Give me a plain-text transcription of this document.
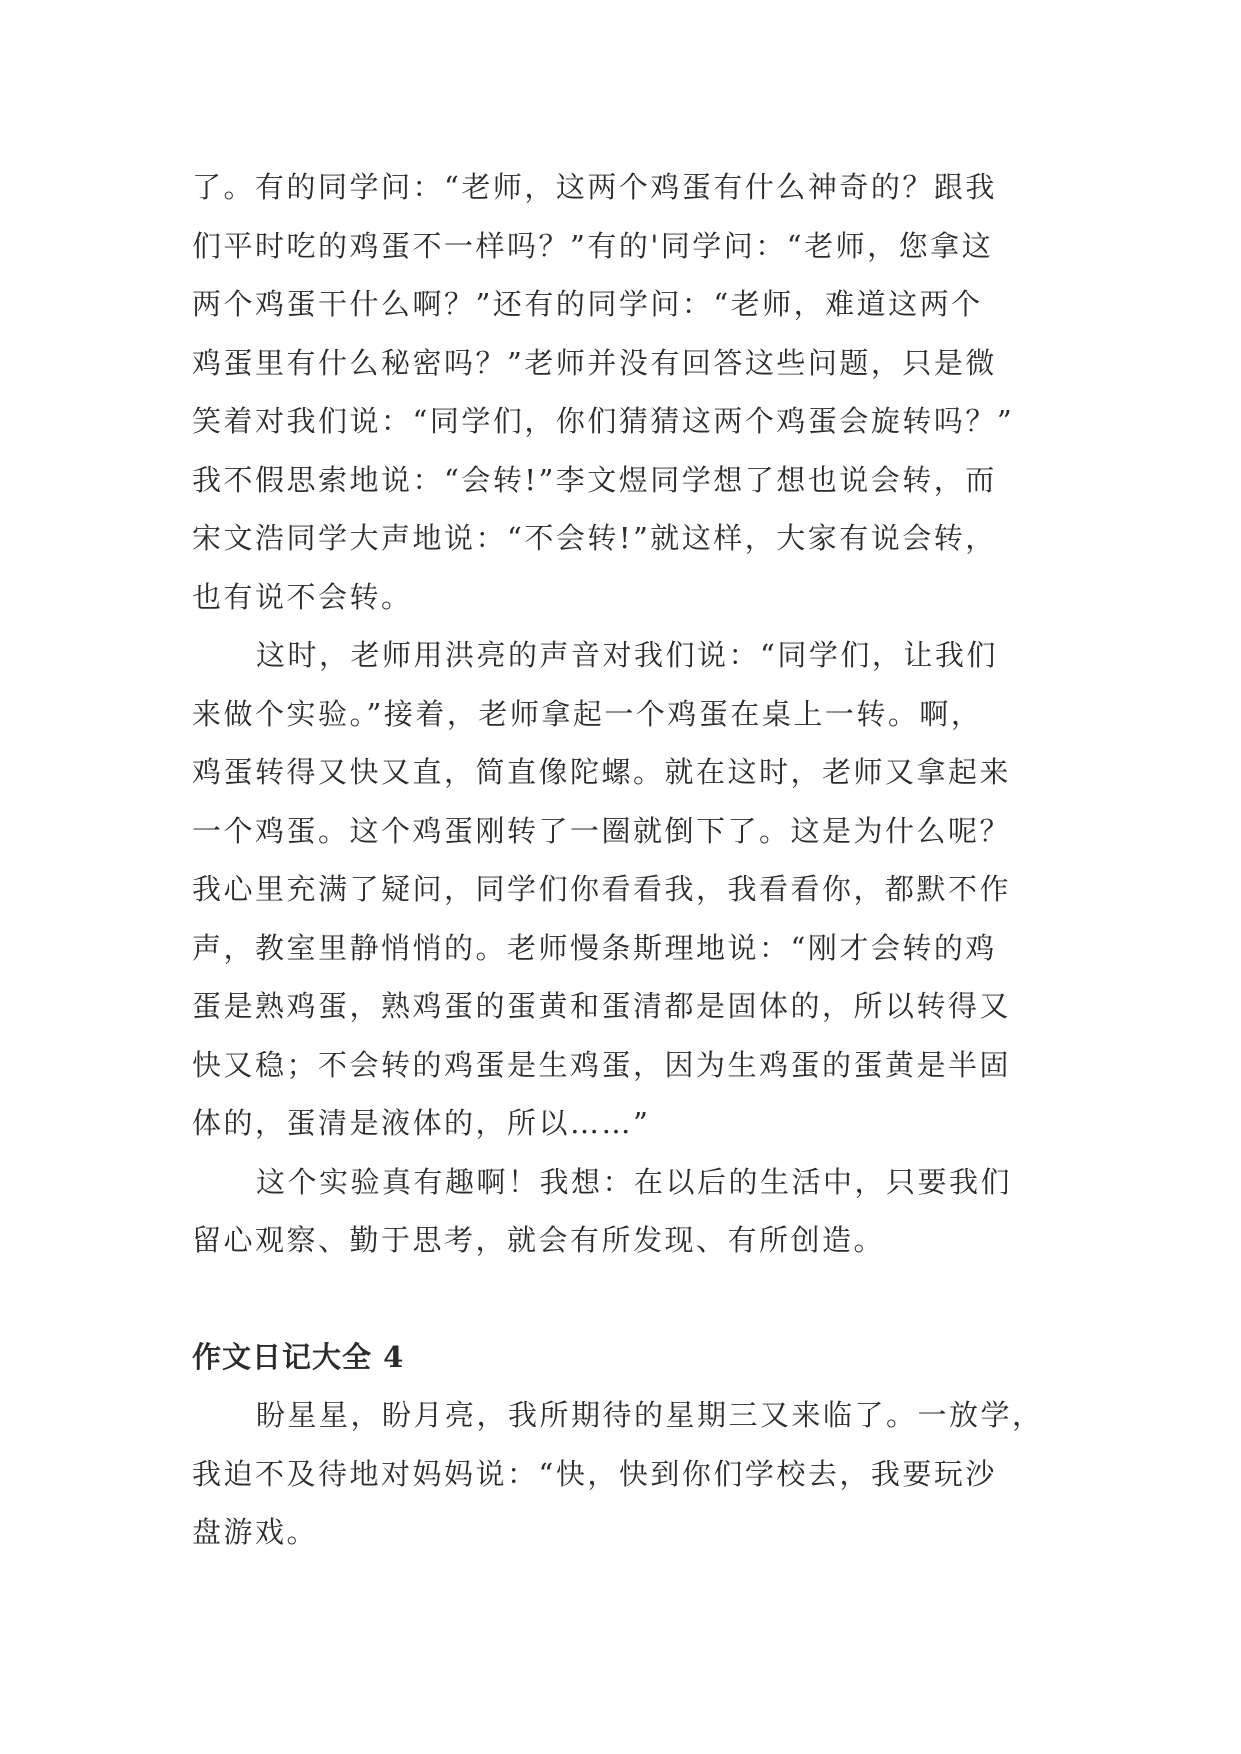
了。有的同学问：“老师，这两个鸡蛋有什么神奇的？跟我

们平时吃的鸡蛋不一样吗？”有的'同学问：“老师，您拿这

两个鸡蛋干什么啊？”还有的同学问：“老师，难道这两个

鸡蛋里有什么秘密吗？”老师并没有回答这些问题，只是微

笑着对我们说：“同学们，你们猜猜这两个鸡蛋会旋转吗？”

我不假思索地说：“会转!”李文煜同学想了想也说会转，而

宋文浩同学大声地说：“不会转!”就这样，大家有说会转，

也有说不会转。

这时，老师用洪亮的声音对我们说：“同学们，让我们

来做个实验。”接着，老师拿起一个鸡蛋在桌上一转。啊，

鸡蛋转得又快又直，简直像陀螺。就在这时，老师又拿起来

一个鸡蛋。这个鸡蛋刚转了一圈就倒下了。这是为什么呢？

我心里充满了疑问，同学们你看看我，我看看你，都默不作

声，教室里静悄悄的。老师慢条斯理地说：“刚才会转的鸡

蛋是熟鸡蛋，熟鸡蛋的蛋黄和蛋清都是固体的，所以转得又

快又稳；不会转的鸡蛋是生鸡蛋，因为生鸡蛋的蛋黄是半固

体的，蛋清是液体的，所以……”

这个实验真有趣啊！我想：在以后的生活中，只要我们

留心观察、勤于思考，就会有所发现、有所创造。

作文日记大全 4

盼星星，盼月亮，我所期待的星期三又来临了。一放学，

我迫不及待地对妈妈说：“快，快到你们学校去，我要玩沙

盘游戏。
